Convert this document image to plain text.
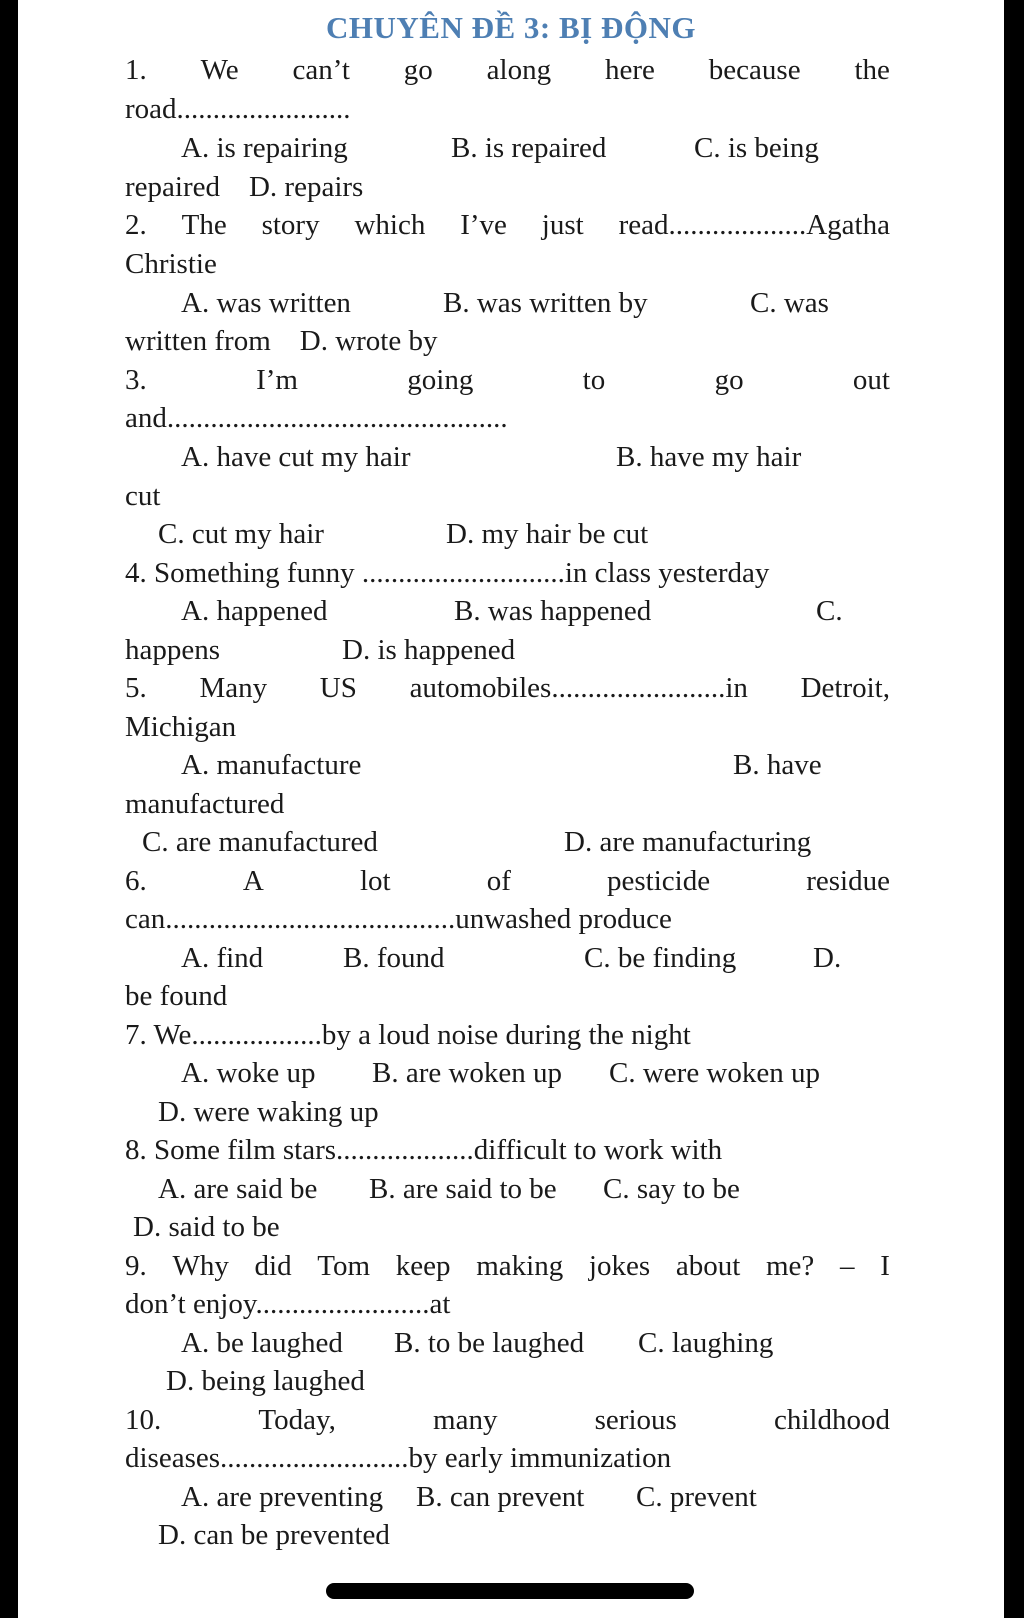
CHUYÊN ĐỀ 3: BỊ ĐỘNG
1. We can’t go along here because the
road........................
A. is repairing	B. is repaired	C. is being
repaired    D. repairs
2. The story which I’ve just read...................Agatha
Christie
A. was written	B. was written by	C. was
written from    D. wrote by
3.	I’m	going	to	go	out
and...............................................
A. have cut my hair	B. have my hair
cut
C. cut my hair	D. my hair be cut
4. Something funny ............................in class yesterday
A. happened	B. was happened	C.
happens	D. is happened
5. Many US automobiles........................in Detroit,
Michigan
A. manufacture	B. have
manufactured
C. are manufactured	D. are manufacturing
6.	A	lot	of	pesticide	residue
can........................................unwashed produce
A. find	B. found	C. be finding	D.
be found
7. We..................by a loud noise during the night
A. woke up B. are woken up C. were woken up
D. were waking up
8. Some film stars...................difficult to work with
A. are said be B. are said to be C. say to be
D. said to be
9. Why did Tom keep making jokes about me? – I
don’t enjoy........................at
A. be laughed B. to be laughed C. laughing
D. being laughed
10.	Today,	many	serious	childhood
diseases..........................by early immunization
A. are preventing B. can prevent C. prevent
D. can be prevented
